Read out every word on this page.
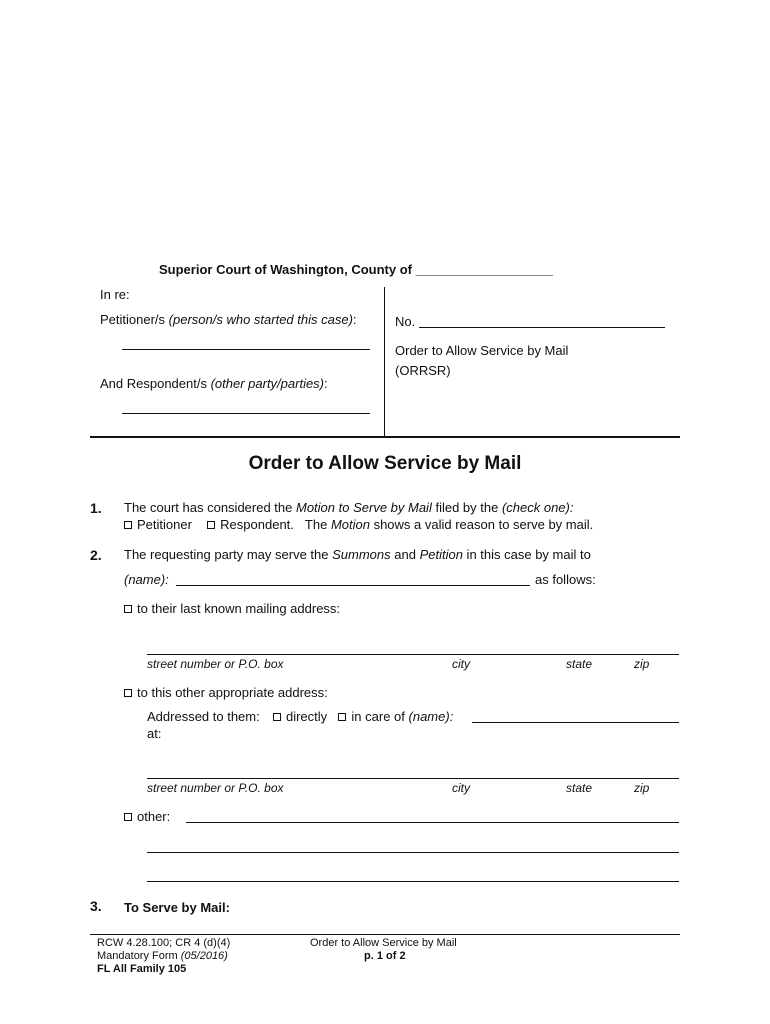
Superior Court of Washington, County of ___________________
In re:
Petitioner/s (person/s who started this case):
And Respondent/s (other party/parties):
No.
Order to Allow Service by Mail
(ORRSR)
Order to Allow Service by Mail
1. The court has considered the Motion to Serve by Mail filed by the (check one):
Petitioner Respondent. The Motion shows a valid reason to serve by mail.
2. The requesting party may serve the Summons and Petition in this case by mail to
(name):	as follows:
to their last known mailing address:
street number or P.O. box	city	state	zip
to this other appropriate address:
Addressed to them: directly in care of (name):
at:
street number or P.O. box	city	state	zip
other:
3. To Serve by Mail:
RCW 4.28.100; CR 4 (d)(4)
Mandatory Form (05/2016)
FL All Family 105
Order to Allow Service by Mail
p. 1 of 2
